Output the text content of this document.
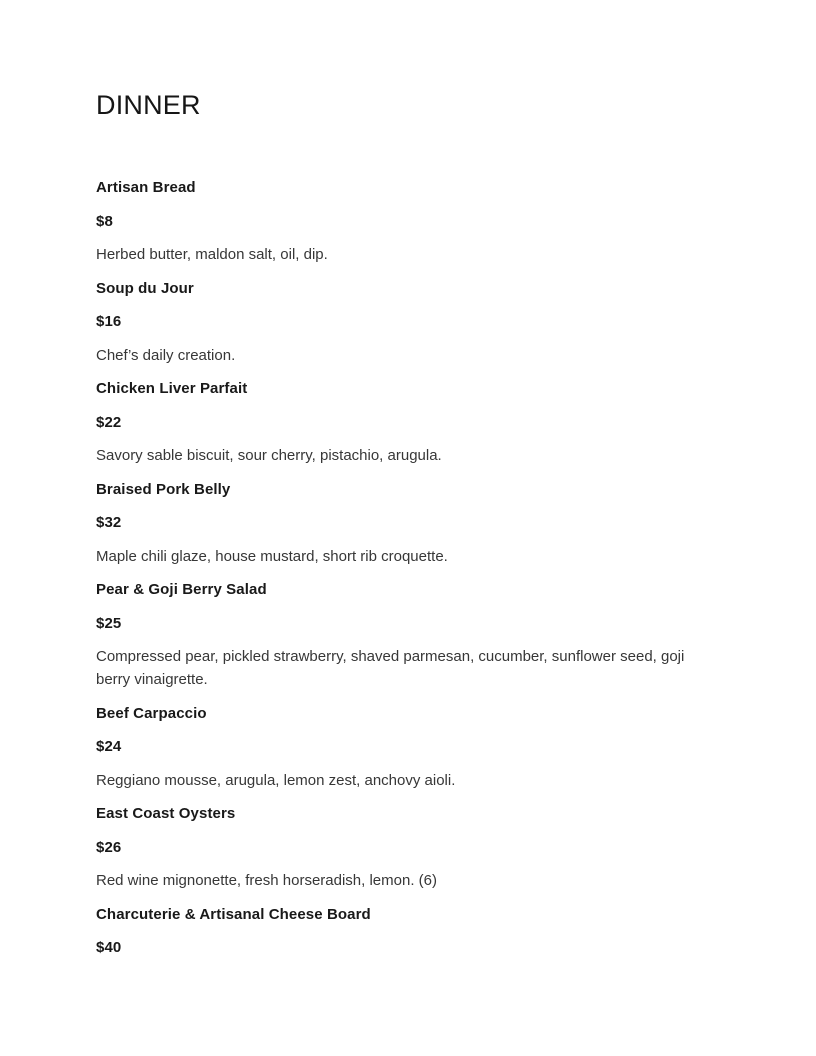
DINNER

Artisan Bread

$8

Herbed butter, maldon salt, oil, dip.

Soup du Jour

$16

Chef’s daily creation.

Chicken Liver Parfait

$22

Savory sable biscuit, sour cherry, pistachio, arugula.

Braised Pork Belly

$32

Maple chili glaze, house mustard, short rib croquette.

Pear & Goji Berry Salad

$25

Compressed pear, pickled strawberry, shaved parmesan, cucumber, sunflower seed, goji berry vinaigrette.

Beef Carpaccio

$24

Reggiano mousse, arugula, lemon zest, anchovy aioli.

East Coast Oysters

$26

Red wine mignonette, fresh horseradish, lemon. (6)

Charcuterie & Artisanal Cheese Board

$40
